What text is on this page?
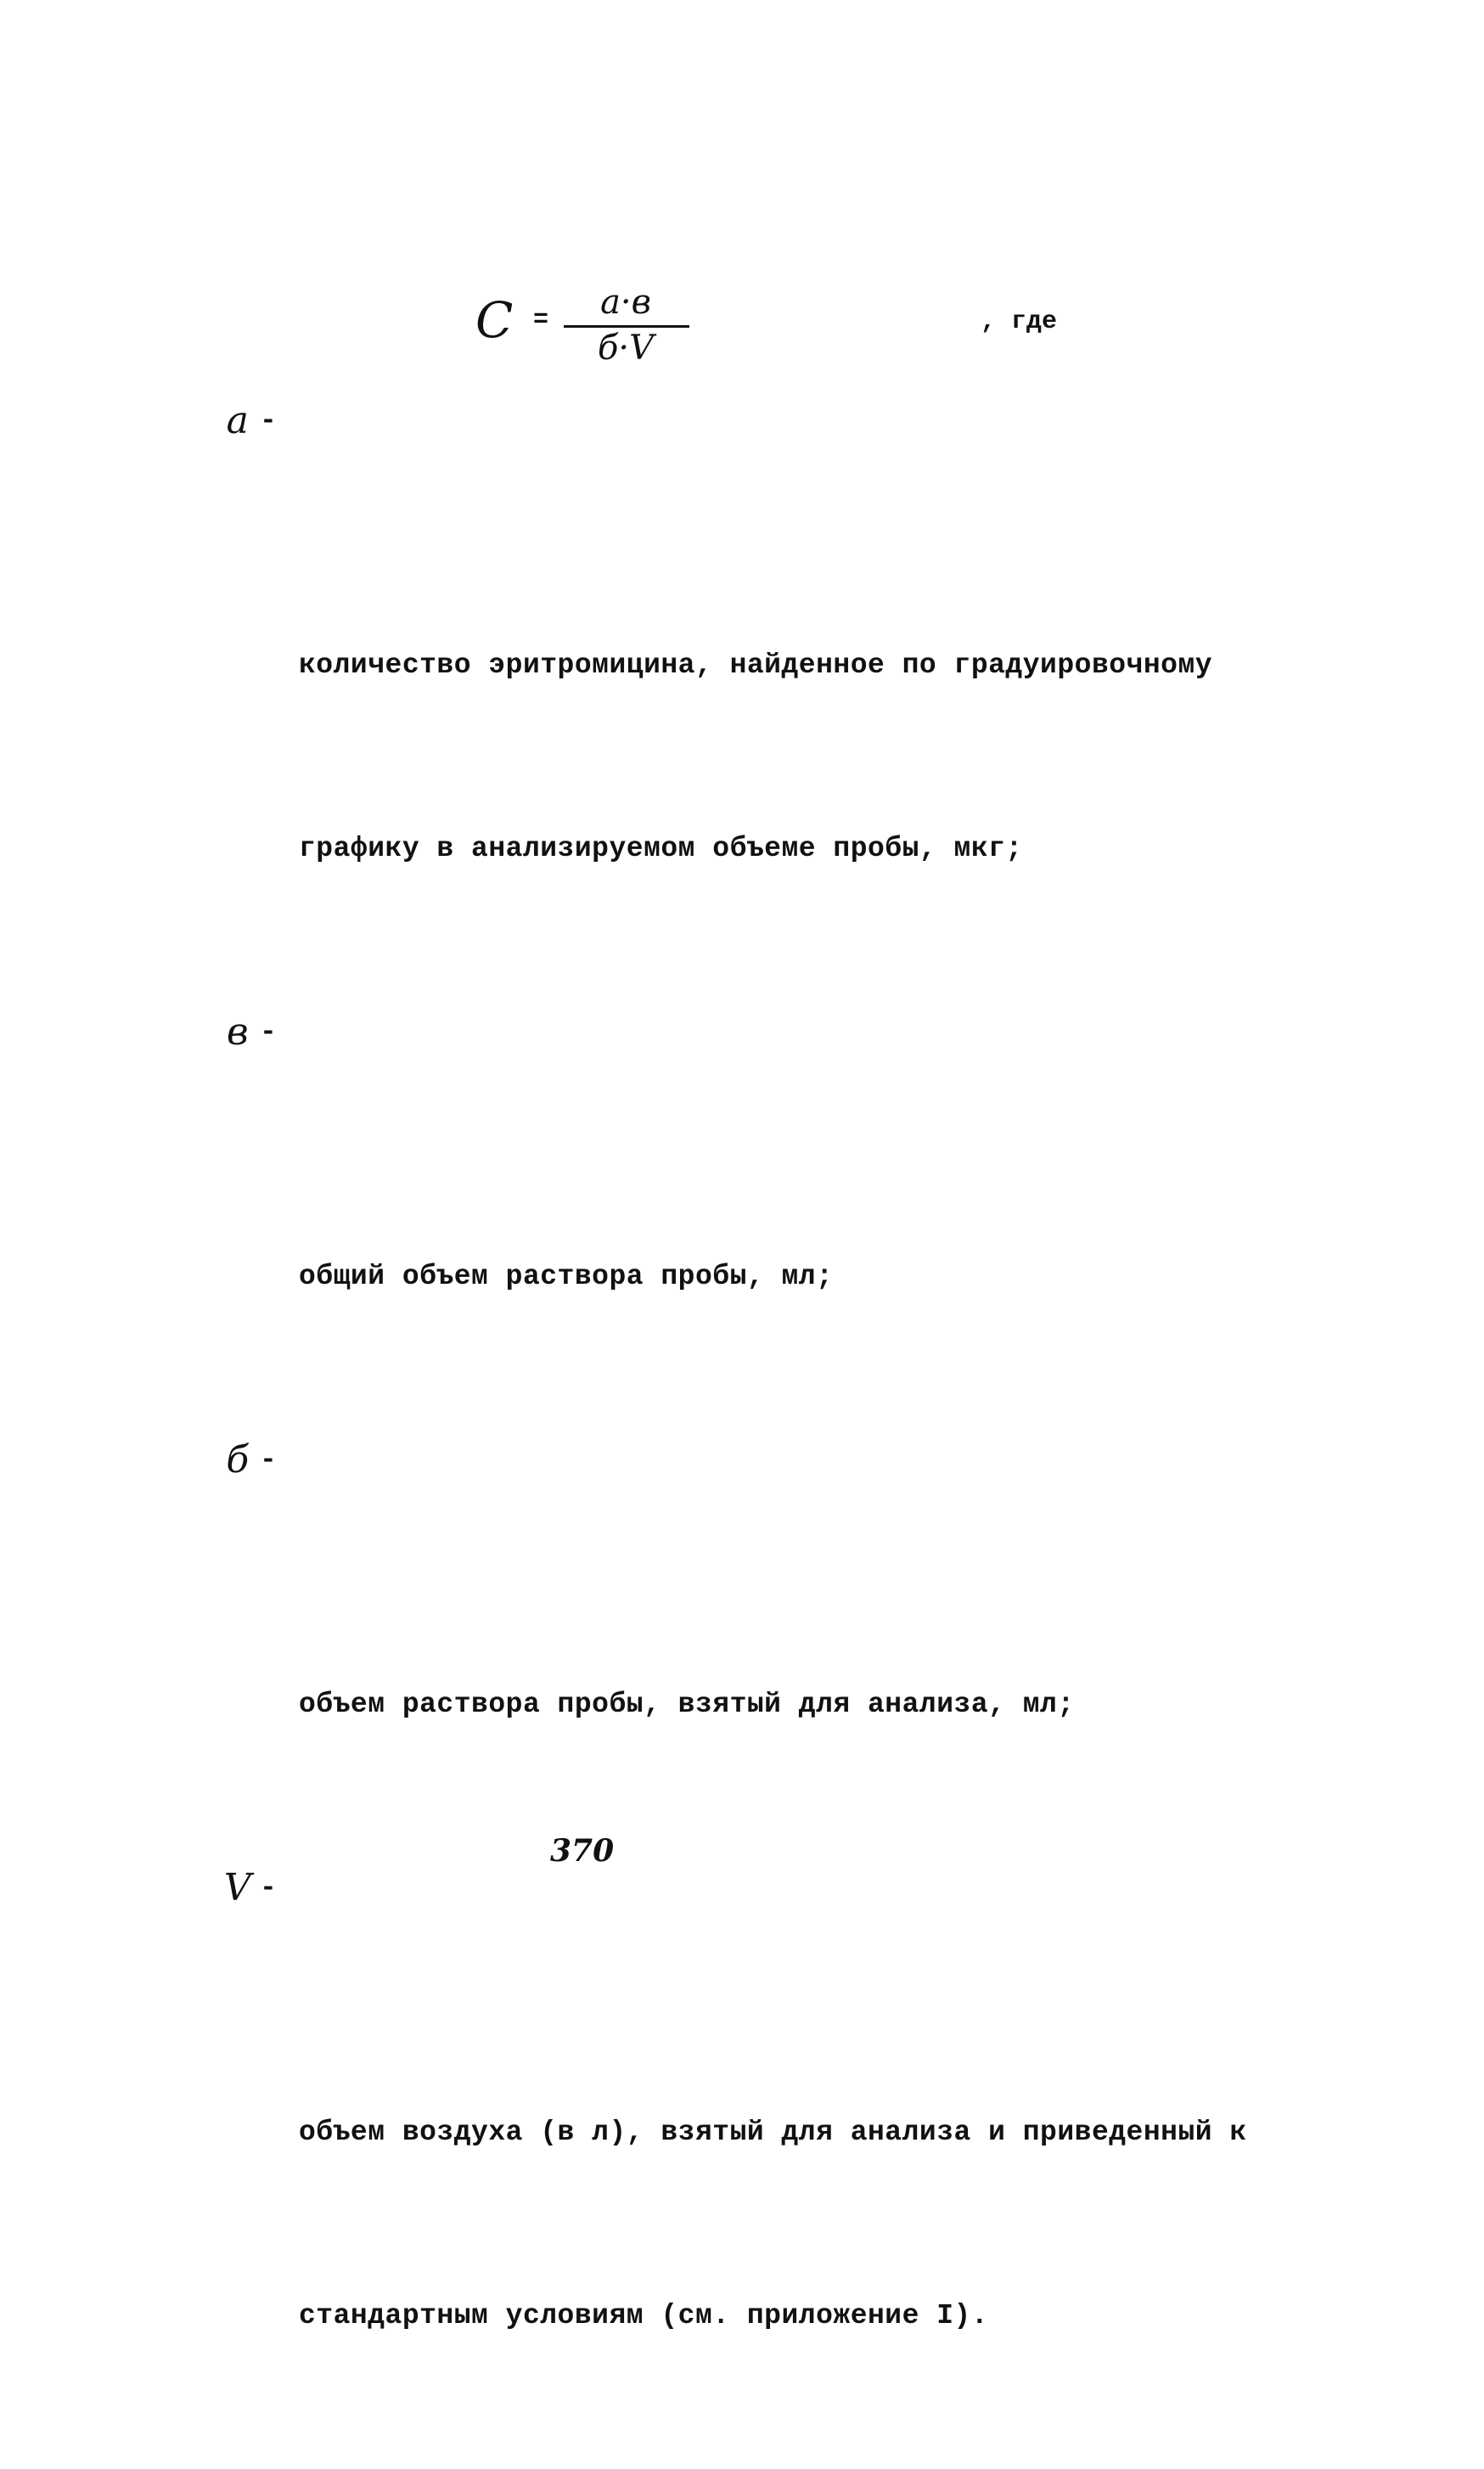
C =	a·в
б·V
, где

a

-

количество эритромицина, найденное по градуировочному

графику в анализируемом объеме пробы, мкг;

в

-

общий объем раствора пробы, мл;

б

-

объем раствора пробы, взятый для анализа, мл;

V

-

объем воздуха (в л), взятый для анализа и приведенный к

стандартным условиям (см. приложение I).

370
